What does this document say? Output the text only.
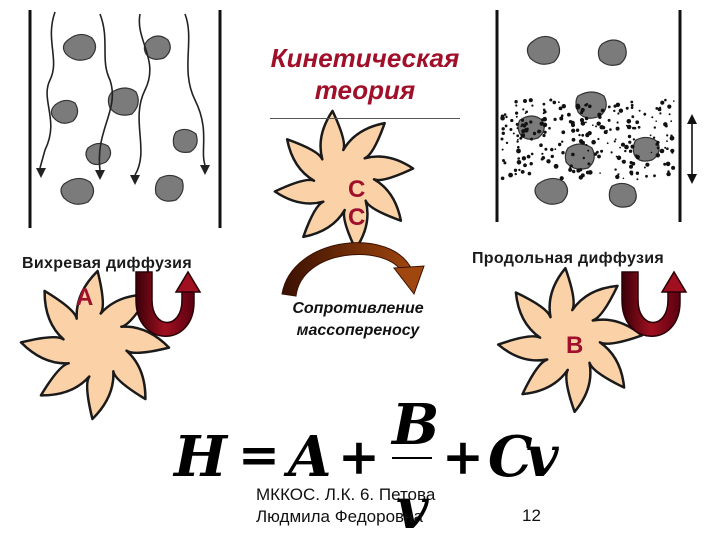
Кинетическая теория
Вихревая диффузия	Продольная диффузия
C
C
A
B
Сопротивление массопереносу
H = A + B
v
+ C
v
МККОС. Л.К. 6. Петова
Людмила Федоровна	12
